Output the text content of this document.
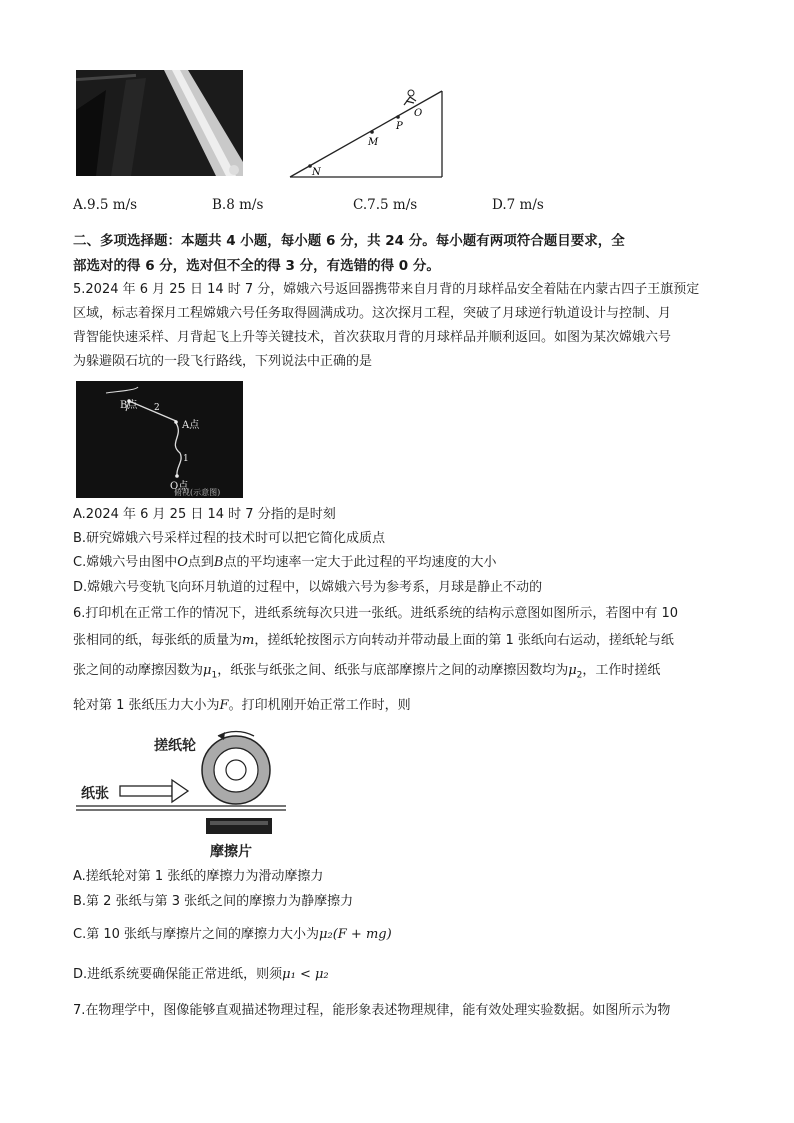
O
P
M
N
A.9.5 m/s	B.8 m/s	C.7.5 m/s	D.7 m/s
二、多项选择题：本题共 4 小题，每小题 6 分，共 24 分。每小题有两项符合题目要求，全
部选对的得 6 分，选对但不全的得 3 分，有选错的得 0 分。
5.2024 年 6 月 25 日 14 时 7 分，嫦娥六号返回器携带来自月背的月球样品安全着陆在内蒙古四子王旗预定
区域，标志着探月工程嫦娥六号任务取得圆满成功。这次探月工程，突破了月球逆行轨道设计与控制、月
背智能快速采样、月背起飞上升等关键技术，首次获取月背的月球样品并顺利返回。如图为某次嫦娥六号
为躲避陨石坑的一段飞行路线，下列说法中正确的是
B点 2
A点
1
O点
俯视(示意图)
A.2024 年 6 月 25 日 14 时 7 分指的是时刻
B.研究嫦娥六号采样过程的技术时可以把它简化成质点
C.嫦娥六号由图中O点到B点的平均速率一定大于此过程的平均速度的大小
D.嫦娥六号变轨飞向环月轨道的过程中，以嫦娥六号为参考系，月球是静止不动的
6.打印机在正常工作的情况下，进纸系统每次只进一张纸。进纸系统的结构示意图如图所示，若图中有 10
张相同的纸，每张纸的质量为m，搓纸轮按图示方向转动并带动最上面的第 1 张纸向右运动，搓纸轮与纸
张之间的动摩擦因数为$\mu_1$，纸张与纸张之间、纸张与底部摩擦片之间的动摩擦因数均为$\mu_2$，工作时搓纸
轮对第 1 张纸压力大小为F。打印机刚开始正常工作时，则
搓纸轮
纸张
摩擦片
A.搓纸轮对第 1 张纸的摩擦力为滑动摩擦力
B.第 2 张纸与第 3 张纸之间的摩擦力为静摩擦力
C.第 10 张纸与摩擦片之间的摩擦力大小为μ₂(F + mg)
D.进纸系统要确保能正常进纸，则须μ₁ < μ₂
7.在物理学中，图像能够直观描述物理过程，能形象表述物理规律，能有效处理实验数据。如图所示为物
